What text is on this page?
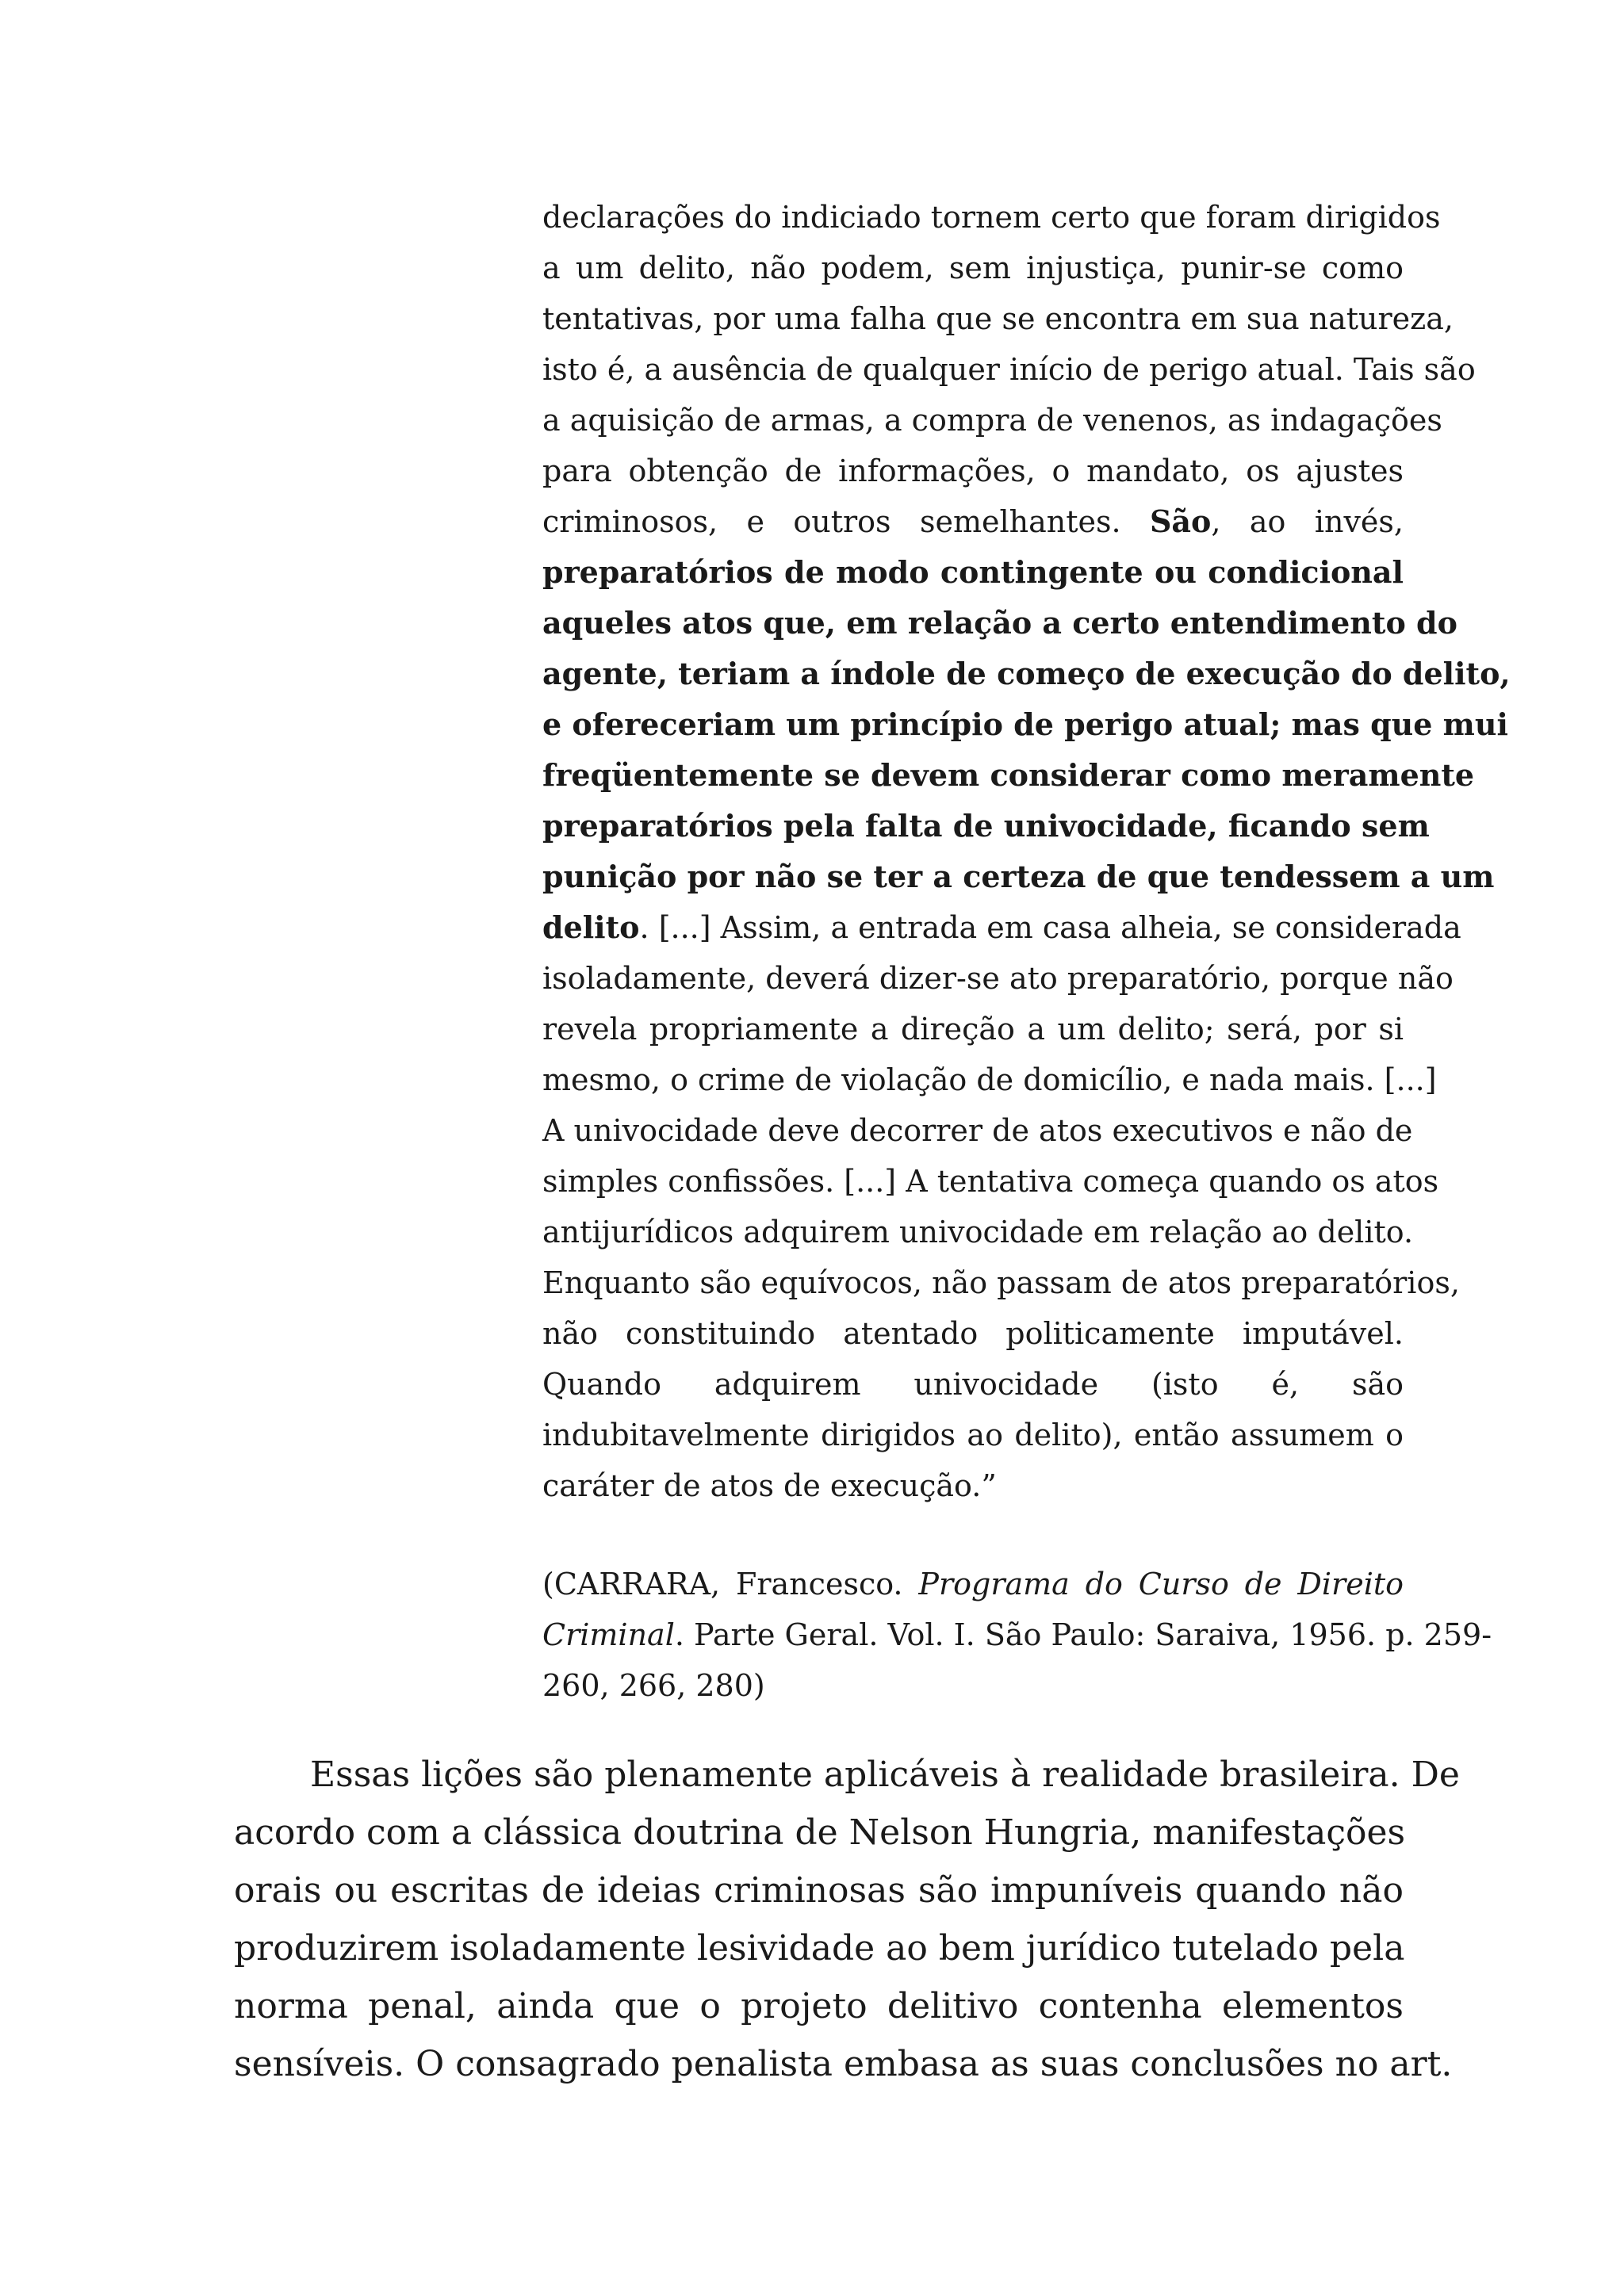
declarações do indiciado tornem certo que foram dirigidos
a um delito, não podem, sem injustiça, punir-se como
tentativas, por uma falha que se encontra em sua natureza,
isto é, a ausência de qualquer início de perigo atual. Tais são
a aquisição de armas, a compra de venenos, as indagações
para obtenção de informações, o mandato, os ajustes
criminosos, e outros semelhantes. São, ao invés,
preparatórios de modo contingente ou condicional
aqueles atos que, em relação a certo entendimento do
agente, teriam a índole de começo de execução do delito,
e ofereceriam um princípio de perigo atual; mas que mui
freqüentemente se devem considerar como meramente
preparatórios pela falta de univocidade, ficando sem
punição por não se ter a certeza de que tendessem a um
delito. [...] Assim, a entrada em casa alheia, se considerada
isoladamente, deverá dizer-se ato preparatório, porque não
revela propriamente a direção a um delito; será, por si
mesmo, o crime de violação de domicílio, e nada mais. [...]
A univocidade deve decorrer de atos executivos e não de
simples confissões. [...] A tentativa começa quando os atos
antijurídicos adquirem univocidade em relação ao delito.
Enquanto são equívocos, não passam de atos preparatórios,
não constituindo atentado politicamente imputável.
Quando adquirem univocidade (isto é, são
indubitavelmente dirigidos ao delito), então assumem o
caráter de atos de execução.”
(CARRARA, Francesco. Programa do Curso de Direito
Criminal. Parte Geral. Vol. I. São Paulo: Saraiva, 1956. p. 259-
260, 266, 280)
Essas lições são plenamente aplicáveis à realidade brasileira. De
acordo com a clássica doutrina de Nelson Hungria, manifestações
orais ou escritas de ideias criminosas são impuníveis quando não
produzirem isoladamente lesividade ao bem jurídico tutelado pela
norma penal, ainda que o projeto delitivo contenha elementos
sensíveis. O consagrado penalista embasa as suas conclusões no art.
